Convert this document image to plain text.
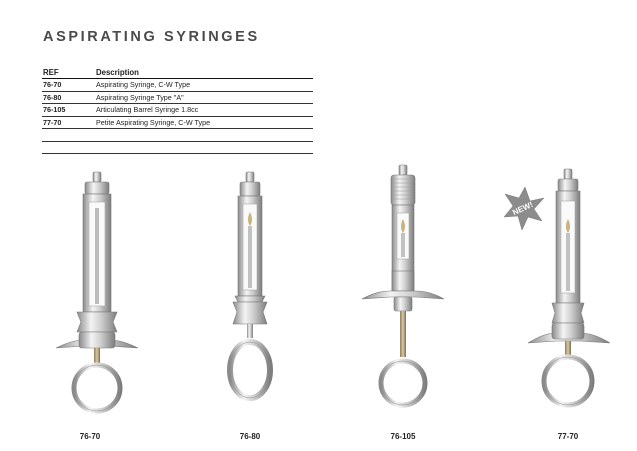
ASPIRATING SYRINGES
REF	Description
76-70	Aspirating Syringe, C-W Type
76-80	Aspirating Syringe Type "A"
76-105	Articulating Barrel Syringe 1.8cc
77-70	Petite Aspirating Syringe, C-W Type
76-70	76-80	76-105
NEW!
77-70
